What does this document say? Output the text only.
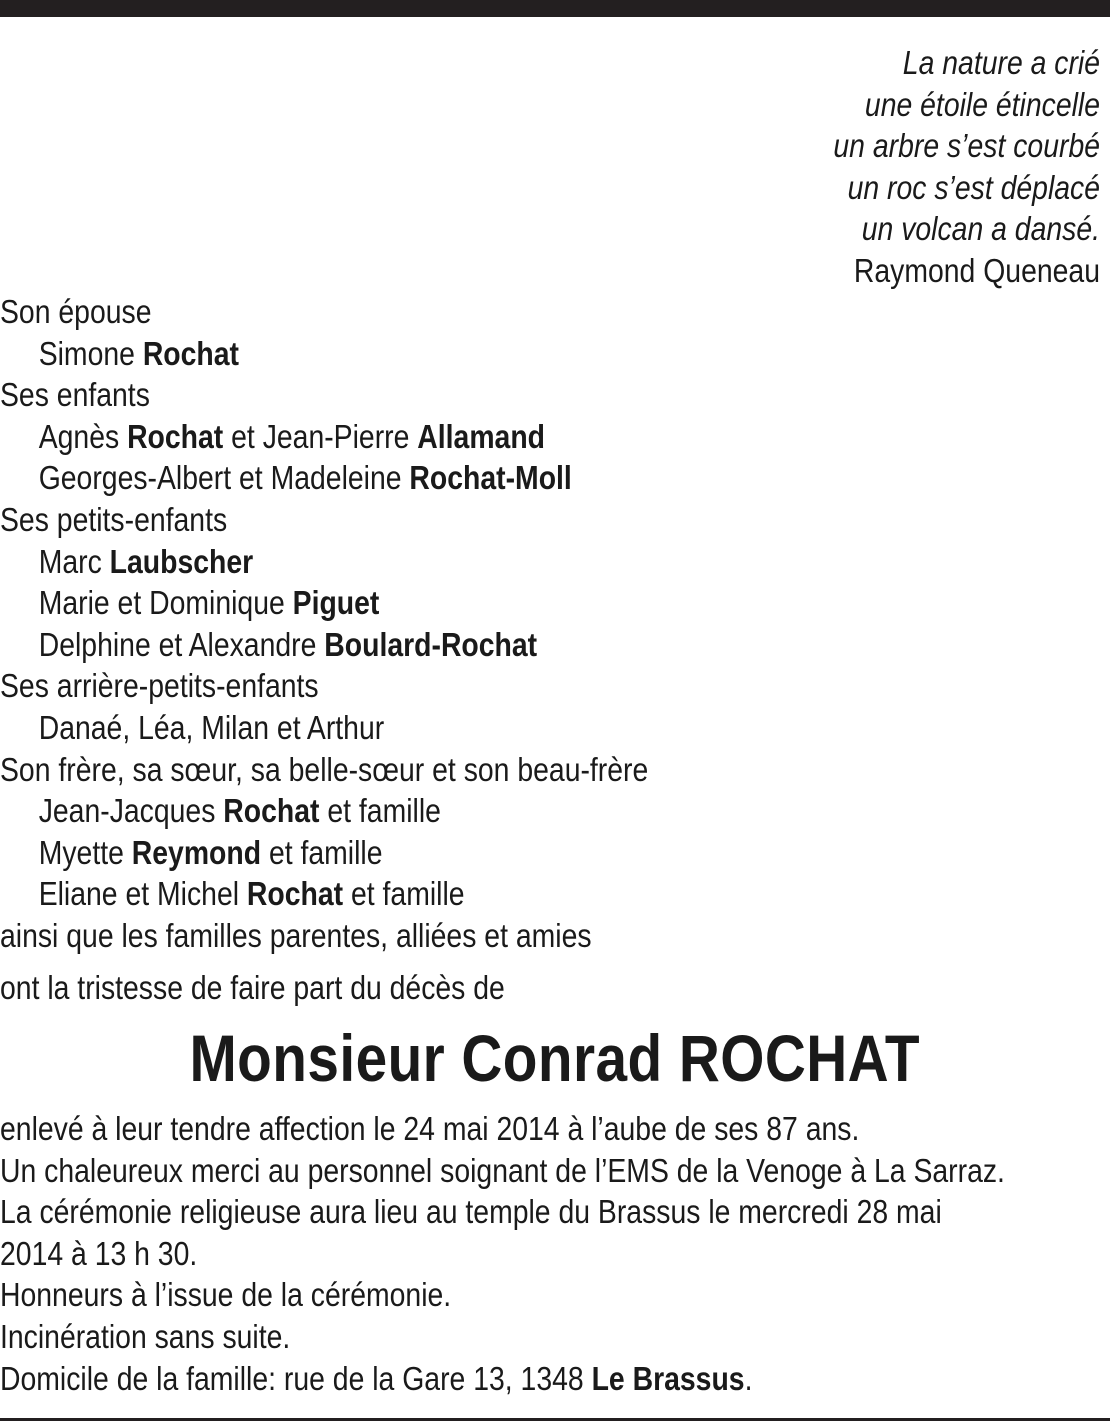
La nature a crié
une étoile étincelle
un arbre s’est courbé
un roc s’est déplacé
un volcan a dansé.
Raymond Queneau
Son épouse
Simone Rochat
Ses enfants
Agnès Rochat et Jean-Pierre Allamand
Georges-Albert et Madeleine Rochat-Moll
Ses petits-enfants
Marc Laubscher
Marie et Dominique Piguet
Delphine et Alexandre Boulard-Rochat
Ses arrière-petits-enfants
Danaé, Léa, Milan et Arthur
Son frère, sa sœur, sa belle-sœur et son beau-frère
Jean-Jacques Rochat et famille
Myette Reymond et famille
Eliane et Michel Rochat et famille
ainsi que les familles parentes, alliées et amies
ont la tristesse de faire part du décès de
Monsieur Conrad ROCHAT
enlevé à leur tendre affection le 24 mai 2014 à l’aube de ses 87 ans.
Un chaleureux merci au personnel soignant de l’EMS de la Venoge à La Sarraz.
La cérémonie religieuse aura lieu au temple du Brassus le mercredi 28 mai
2014 à 13 h 30.
Honneurs à l’issue de la cérémonie.
Incinération sans suite.
Domicile de la famille: rue de la Gare 13, 1348 Le Brassus.
